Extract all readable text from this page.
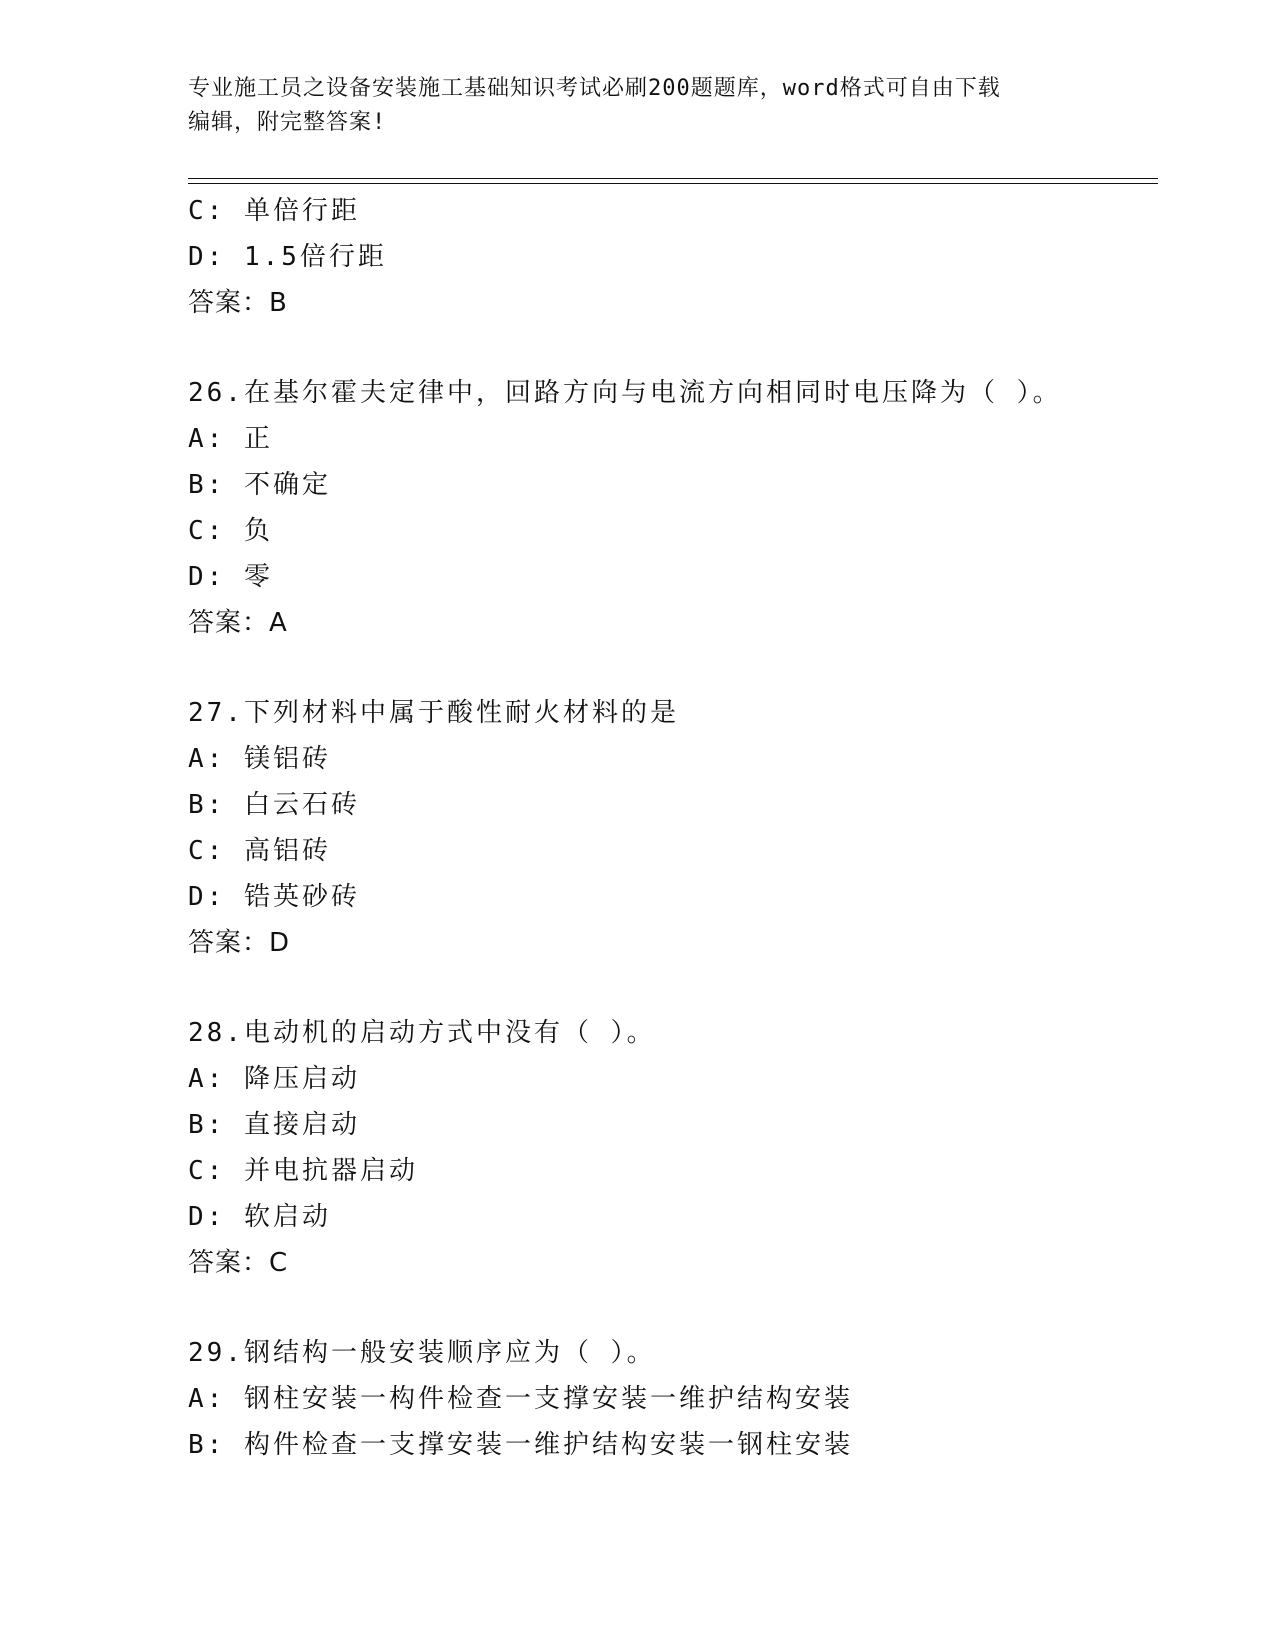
专业施工员之设备安装施工基础知识考试必刷200题题库，word格式可自由下载
编辑，附完整答案!
C: 单倍行距
D: 1.5倍行距
答案：B
26.在基尔霍夫定律中，回路方向与电流方向相同时电压降为（ ）。
A: 正
B: 不确定
C: 负
D: 零
答案：A
27.下列材料中属于酸性耐火材料的是
A: 镁铝砖
B: 白云石砖
C: 高铝砖
D: 锆英砂砖
答案：D
28.电动机的启动方式中没有（ ）。
A: 降压启动
B: 直接启动
C: 并电抗器启动
D: 软启动
答案：C
29.钢结构一般安装顺序应为（ ）。
A: 钢柱安装一构件检查一支撑安装一维护结构安装
B: 构件检查一支撑安装一维护结构安装一钢柱安装
